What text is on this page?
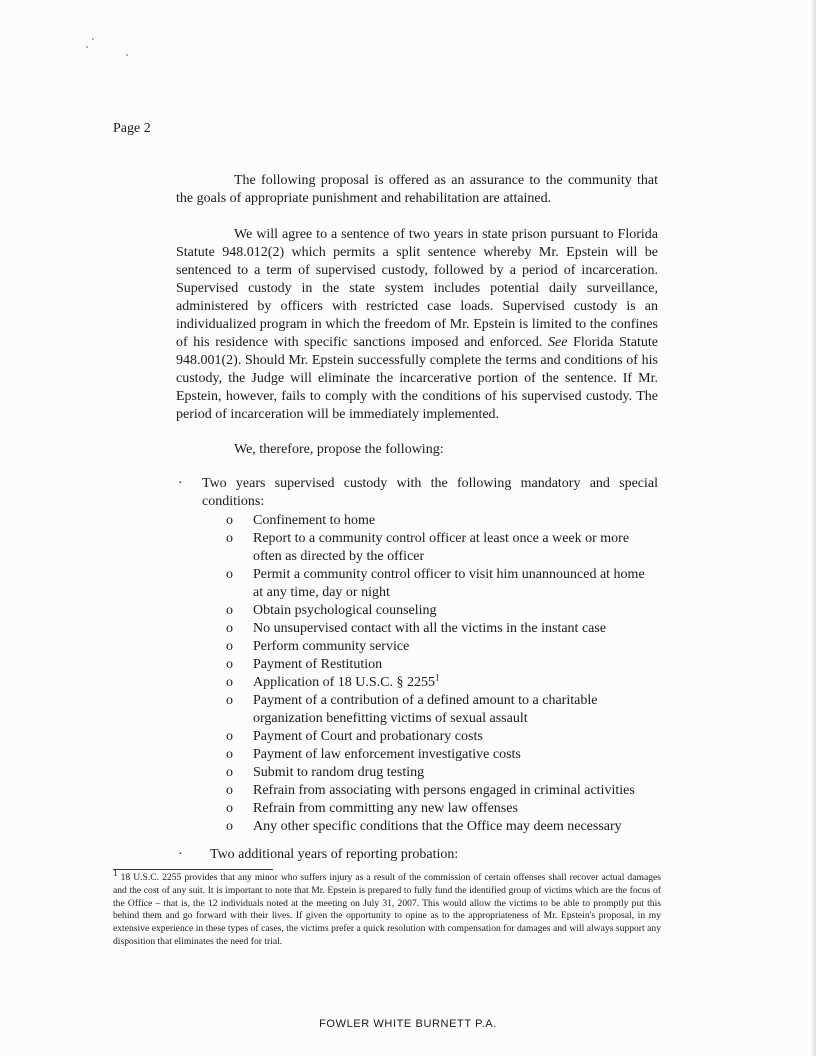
Page 2

The following proposal is offered as an assurance to the community that the goals of appropriate punishment and rehabilitation are attained.

We will agree to a sentence of two years in state prison pursuant to Florida Statute 948.012(2) which permits a split sentence whereby Mr. Epstein will be sentenced to a term of supervised custody, followed by a period of incarceration. Supervised custody in the state system includes potential daily surveillance, administered by officers with restricted case loads. Supervised custody is an individualized program in which the freedom of Mr. Epstein is limited to the confines of his residence with specific sanctions imposed and enforced. See Florida Statute 948.001(2). Should Mr. Epstein successfully complete the terms and conditions of his custody, the Judge will eliminate the incarcerative portion of the sentence. If Mr. Epstein, however, fails to comply with the conditions of his supervised custody. The period of incarceration will be immediately implemented.

We, therefore, propose the following:

·	Two years supervised custody with the following mandatory and special conditions:
o Confinement to home
o Report to a community control officer at least once a week or more often as directed by the officer
o Permit a community control officer to visit him unannounced at home at any time, day or night
o Obtain psychological counseling
o No unsupervised contact with all the victims in the instant case
o Perform community service
o Payment of Restitution
o Application of 18 U.S.C. § 2255$^1$
o Payment of a contribution of a defined amount to a charitable organization benefitting victims of sexual assault
o Payment of Court and probationary costs
o Payment of law enforcement investigative costs
o Submit to random drug testing
o Refrain from associating with persons engaged in criminal activities
o Refrain from committing any new law offenses
o Any other specific conditions that the Office may deem necessary
·	Two additional years of reporting probation:

$^1$ 18 U.S.C. 2255 provides that any minor who suffers injury as a result of the commission of certain offenses shall recover actual damages and the cost of any suit. It is important to note that Mr. Epstein is prepared to fully fund the identified group of victims which are the focus of the Office – that is, the 12 individuals noted at the meeting on July 31, 2007. This would allow the victims to be able to promptly put this behind them and go forward with their lives. If given the opportunity to opine as to the appropriateness of Mr. Epstein's proposal, in my extensive experience in these types of cases, the victims prefer a quick resolution with compensation for damages and will always support any disposition that eliminates the need for trial.

FOWLER WHITE BURNETT P.A.
